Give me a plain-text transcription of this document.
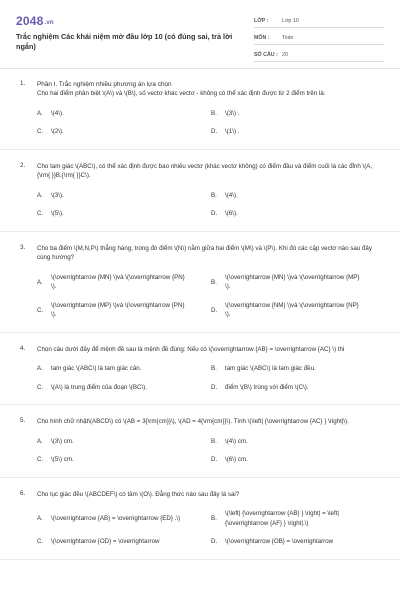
2048.vn
Trắc nghiệm Các khái niệm mở đầu lớp 10 (có đúng sai, trả lời ngắn)
LỚP :	Lớp 10
MÔN :	Toán
SỐ CÂU : 20
1. Phần I. Trắc nghiệm nhiều phương án lựa chọn
Cho hai điểm phân biệt \(A\) và \(B\), số vectơ khác vectơ - không có thể xác định được từ 2 điểm trên là:
A.	\(4\).	B.	\(3\) .
C.	\(2\).	D.	\(1\) .
2. Cho tam giác \(ABC\), có thể xác định được bao nhiêu vectơ (khác vectơ không) có điểm đầu và điểm cuối là các đỉnh \(A,{\rm{ }}B,{\rm{ }}C\).
A.	\(3\).	B.	\(4\).
C.	\(5\).	D.	\(6\).
3. Cho ba điểm \(M,N,P\) thẳng hàng, trong đó điểm \(N\) nằm giữa hai điểm \(M\) và \(P\). Khi đó các cặp vectơ nào sau đây cùng hướng?
A.
\(\overrightarrow {MN} \)và \(\overrightarrow {PN} \).
B.
\(\overrightarrow {MN} \)và \(\overrightarrow {MP} \).
C.
\(\overrightarrow {MP} \)và \(\overrightarrow {PN} \).
D.
\(\overrightarrow {NM} \)và \(\overrightarrow {NP} \).
4. Chọn câu dưới đây để mệnh đề sau là mệnh đề đúng: Nếu có \(\overrightarrow {AB} = \overrightarrow {AC} \) thì
A.	tam giác \(ABC\) là tam giác cân.	B.	tam giác \(ABC\) là tam giác đều.
C.	\(A\) là trung điểm của đoạn \(BC\).	D.	điểm \(B\) trùng với điểm \(C\).
5. Cho hình chữ nhật\(ABCD\) có \(AB = 3{\rm{cm}}\), \(AD = 4{\rm{cm}}\). Tính \(\left| {\overrightarrow {AC} } \right|\).
A.	\(3\) cm.	B.	\(4\) cm.
C.	\(5\) cm.	D.	\(6\) cm.
6. Cho lục giác đều \(ABCDEF\) có tâm \(O\). Đẳng thức nào sau đây là sai?
A.	\(\overrightarrow {AB} = \overrightarrow {ED} .\)	B.
\(\left| {\overrightarrow {AB} } \right| = \left| {\overrightarrow {AF} } \right|.\)
C.	\(\overrightarrow {OD} = \overrightarrow	D.	\(\overrightarrow {OB} = \overrightarrow
